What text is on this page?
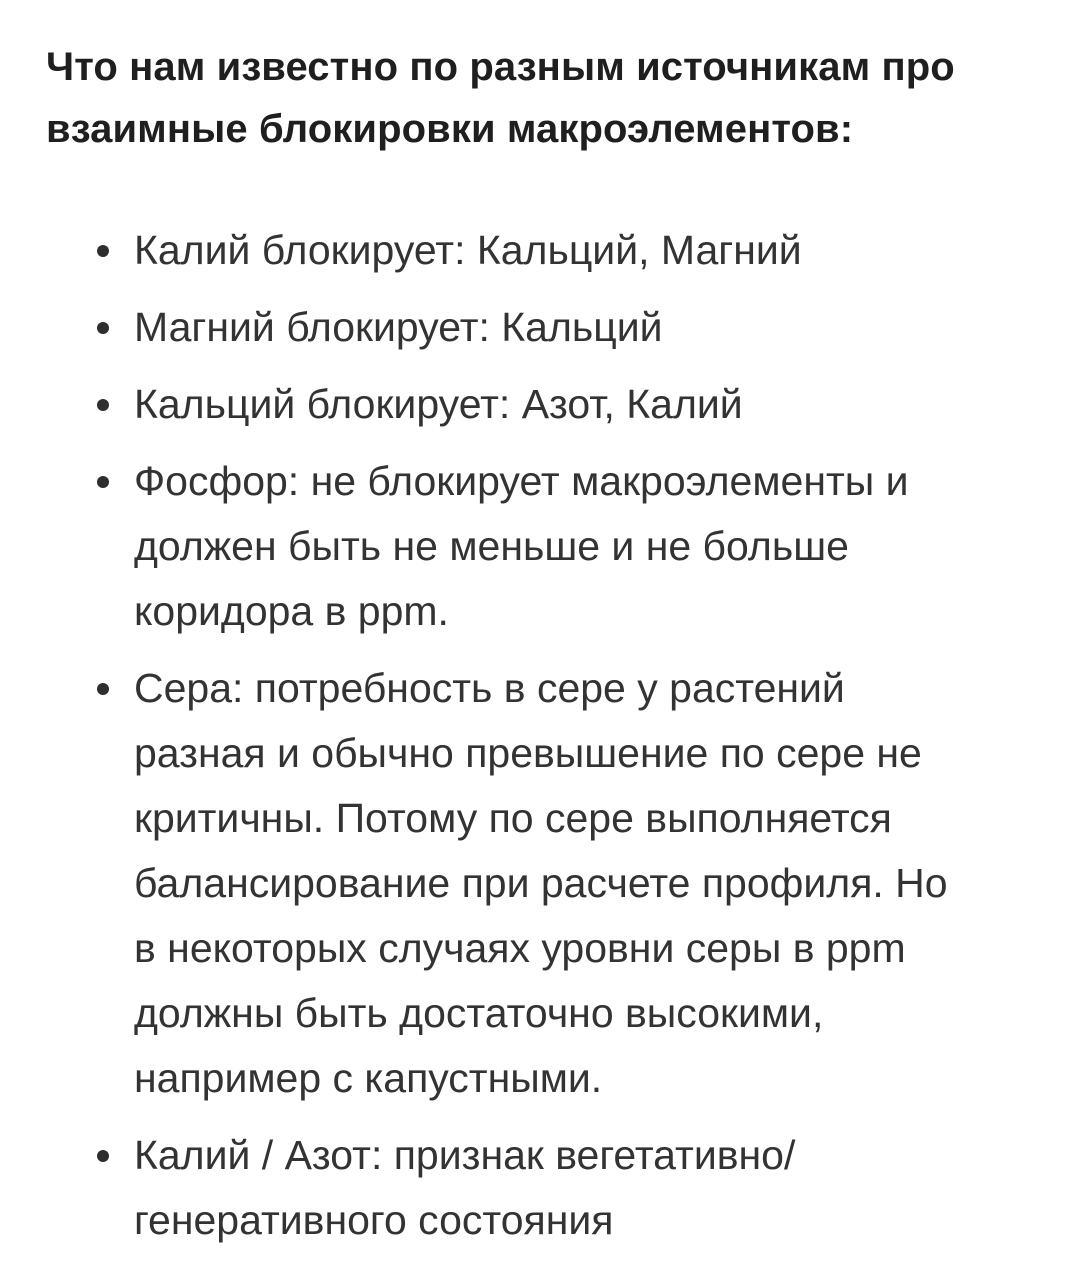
Что нам известно по разным источникам про
взаимные блокировки макроэлементов:
Калий блокирует: Кальций, Магний
Магний блокирует: Кальций
Кальций блокирует: Азот, Калий
Фосфор: не блокирует макроэлементы и
должен быть не меньше и не больше
коридора в ppm.
Сера: потребность в сере у растений
разная и обычно превышение по сере не
критичны. Потому по сере выполняется
балансирование при расчете профиля. Но
в некоторых случаях уровни серы в ppm
должны быть достаточно высокими,
например с капустными.
Калий / Азот: признак вегетативно/
генеративного состояния
